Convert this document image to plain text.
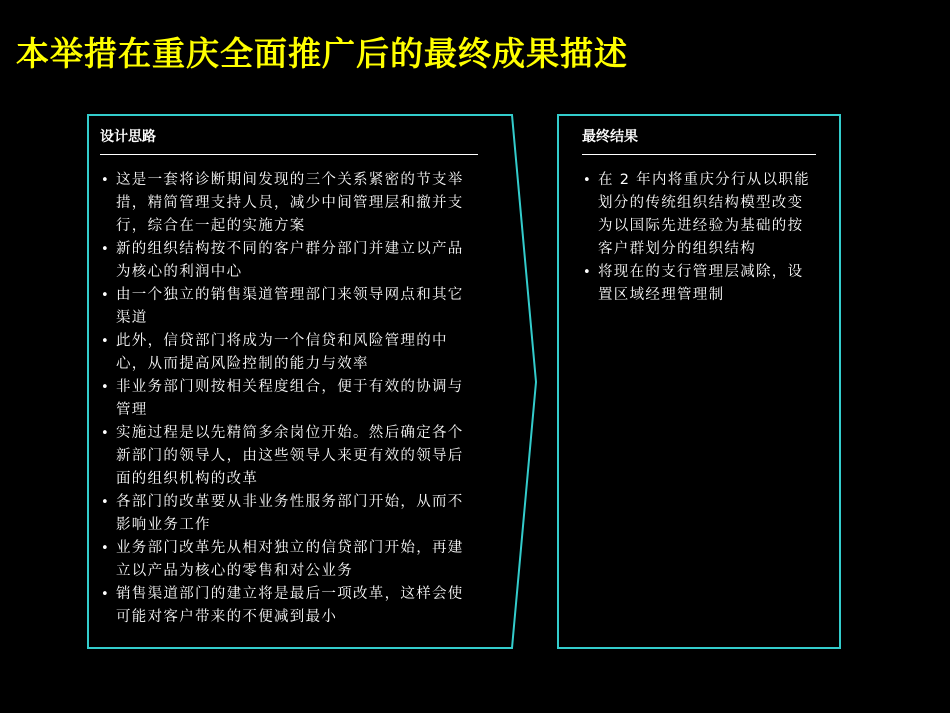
本举措在重庆全面推广后的最终成果描述
设计思路
• 这是一套将诊断期间发现的三个关系紧密的节支举措，精简管理支持人员，减少中间管理层和撤并支行，综合在一起的实施方案
• 新的组织结构按不同的客户群分部门并建立以产品为核心的利润中心
• 由一个独立的销售渠道管理部门来领导网点和其它渠道
• 此外，信贷部门将成为一个信贷和风险管理的中心，从而提高风险控制的能力与效率
• 非业务部门则按相关程度组合，便于有效的协调与管理
• 实施过程是以先精简多余岗位开始。然后确定各个新部门的领导人，由这些领导人来更有效的领导后面的组织机构的改革
• 各部门的改革要从非业务性服务部门开始，从而不影响业务工作
• 业务部门改革先从相对独立的信贷部门开始，再建立以产品为核心的零售和对公业务
• 销售渠道部门的建立将是最后一项改革，这样会使可能对客户带来的不便减到最小
最终结果
• 在 2 年内将重庆分行从以职能划分的传统组织结构模型改变为以国际先进经验为基础的按客户群划分的组织结构
• 将现在的支行管理层减除，设置区域经理管理制
